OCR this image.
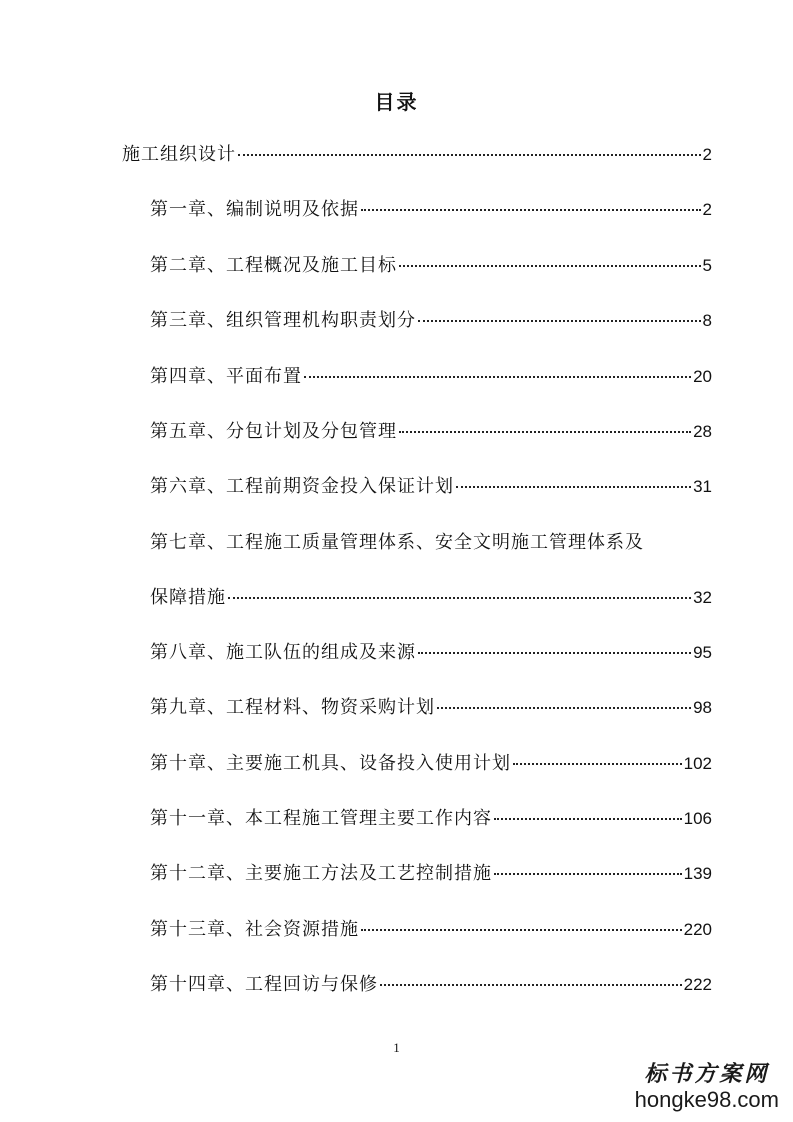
目录
施工组织设计	2
第一章、编制说明及依据	2
第二章、工程概况及施工目标	5
第三章、组织管理机构职责划分	8
第四章、平面布置	20
第五章、分包计划及分包管理	28
第六章、工程前期资金投入保证计划	31
第七章、工程施工质量管理体系、安全文明施工管理体系及
保障措施	32
第八章、施工队伍的组成及来源	95
第九章、工程材料、物资采购计划	98
第十章、主要施工机具、设备投入使用计划	102
第十一章、本工程施工管理主要工作内容	106
第十二章、主要施工方法及工艺控制措施	139
第十三章、社会资源措施	220
第十四章、工程回访与保修	222
1
标书方案网
hongke98.com
